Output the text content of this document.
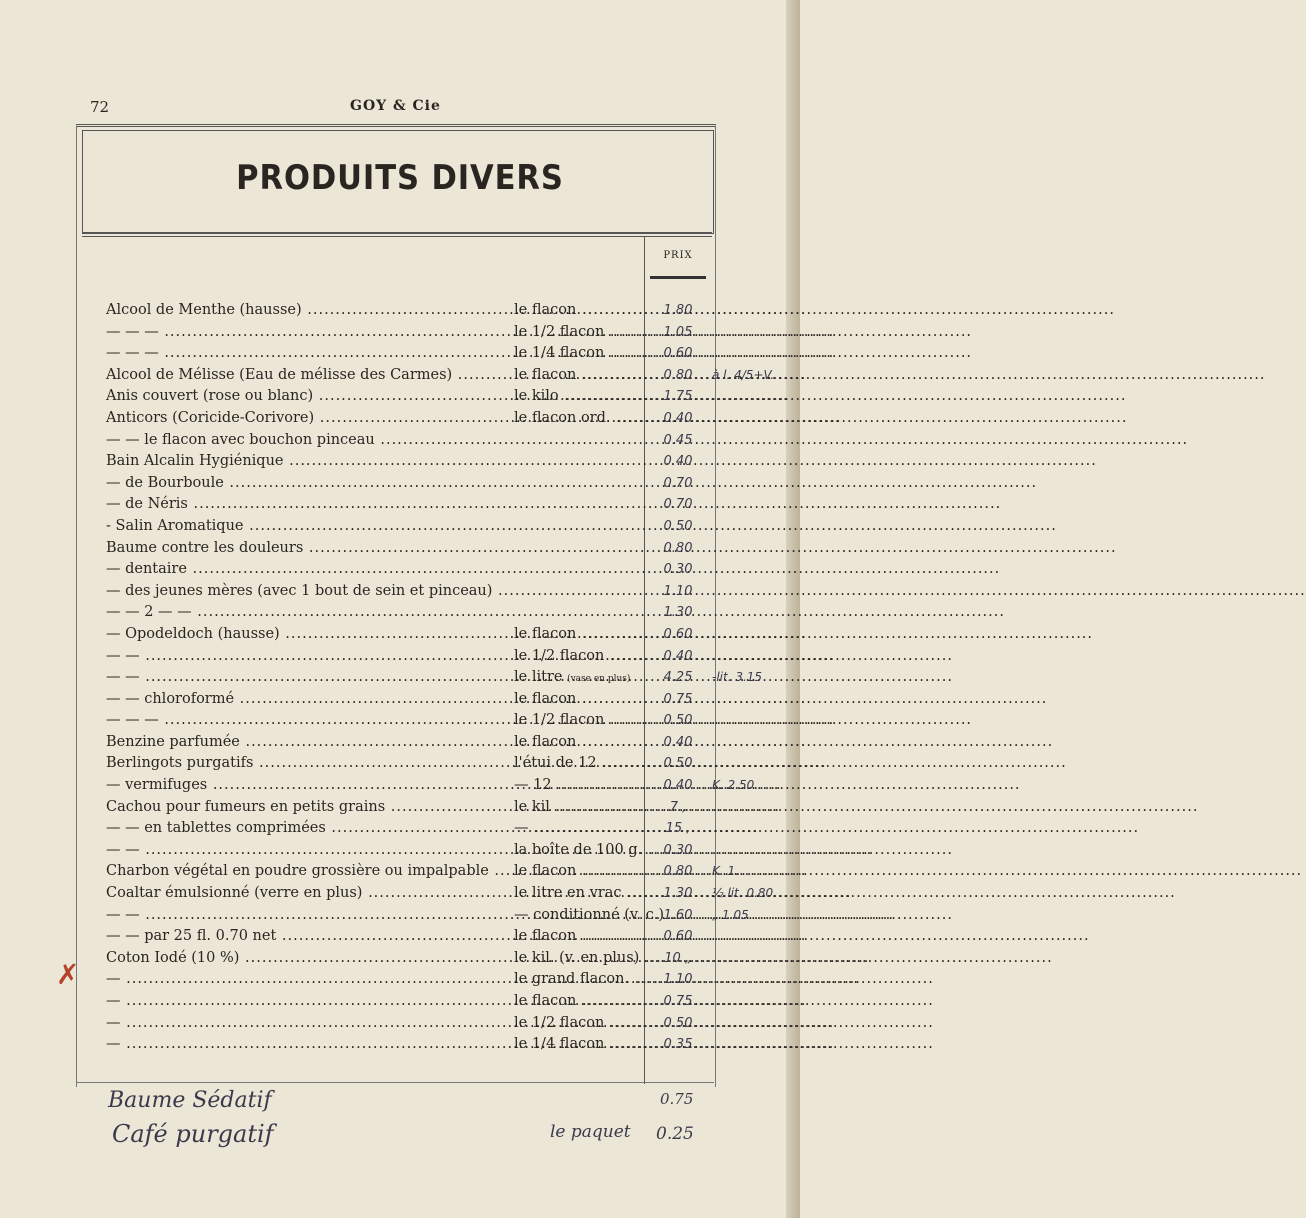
72	GOY & Cie
PRODUITS DIVERS
PRIX
✗
Alcool de Menthe (hausse) .....	le flacon .....	1.80
— — — .....	le 1/2 flacon .....	1.05
— — — .....	le 1/4 flacon .....	0.60
Alcool de Mélisse (Eau de mélisse des Carmes) .....	le flacon .....	0.80	à l. 4/5+V.
Anis couvert (rose ou blanc) .....	le kilo .....	1.75
Anticors (Coricide-Corivore) .....	le flacon ord. .....	0.40
— — le flacon avec bouchon pinceau .....	0.45
Bain Alcalin Hygiénique .....	0.40
— de Bourboule .....	0.70
— de Néris .....	0.70
- Salin Aromatique .....	0.50
Baume contre les douleurs .....	0.80
— dentaire .....	0.30
— des jeunes mères (avec 1 bout de sein et pinceau) .....	1.10
— — 2 — — .....	1.30
— Opodeldoch (hausse) .....	le flacon .....	0.60
— — .....	le 1/2 flacon .....	0.40
— — .....	le litre (vase en plus)	4.25	-lit. 3.15
— — chloroformé .....	le flacon .....	0.75
— — — .....	le 1/2 flacon .....	0.50
Benzine parfumée .....	le flacon .....	0.40
Berlingots purgatifs .....	l'étui de 12 .....	0.50
— vermifuges .....	— 12 .....	0.40	K. 2.50
Cachou pour fumeurs en petits grains .....	le kil .....	7 ,
— — en tablettes comprimées .....	— .....	15 ,
— — .....	la boîte de 100 g. .....	0.30
Charbon végétal en poudre grossière ou impalpable .....	le flacon .....	0.80	K. 1.
Coaltar émulsionné (verre en plus) .....	le litre en vrac .....	1.30	½ lit. 0.80
— — .....	— conditionné (v. c.) ..... 1.60	„ 1.05
— — par 25 fl. 0.70 net .....	le flacon .....	0.60
Coton Iodé (10 %) .....	le kil. (v. en plus) .....	10 „
— .....	le grand flacon. .....	1.10
— .....	le flacon .....	0.75
— .....	le 1/2 flacon .....	0.50
— .....	le 1/4 flacon .....	0.35
Baume Sédatif	0.75
Café purgatif	le paquet 0.25
